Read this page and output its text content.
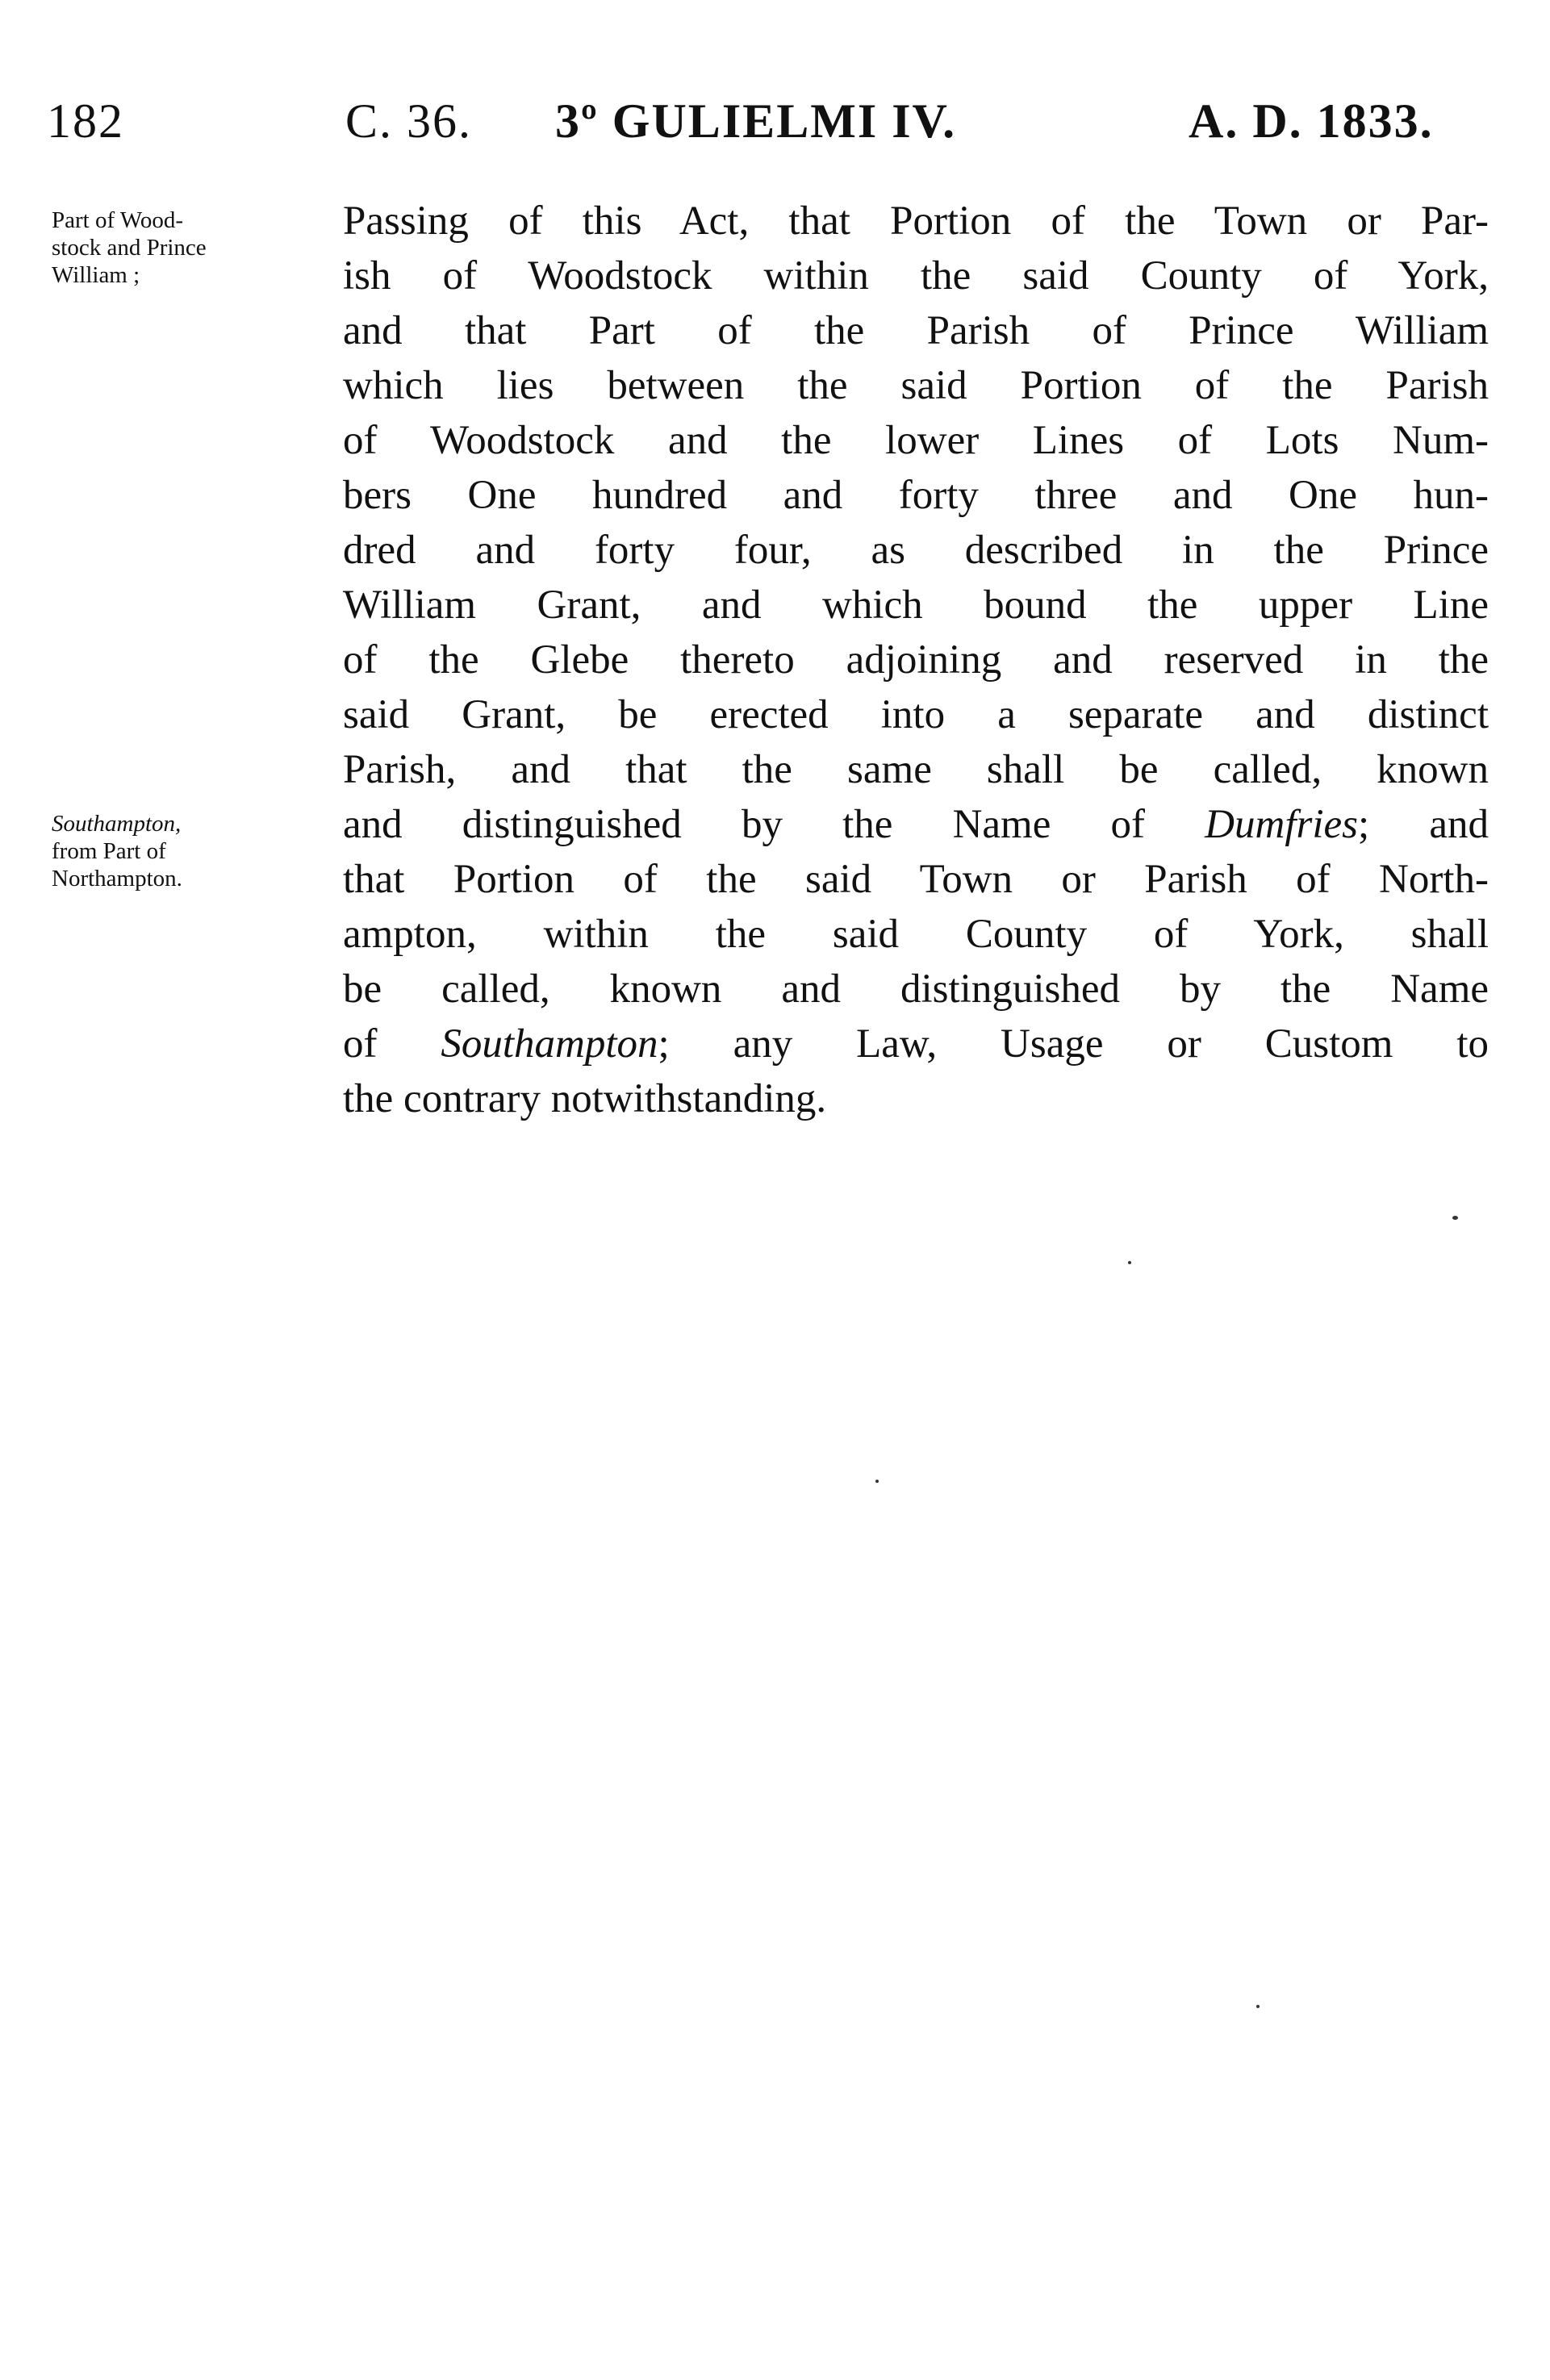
182	C. 36. 3º GULIELMI IV.	A. D. 1833.
Part of Wood-
stock and Prince
William ;
Southampton,
from Part of
Northampton.
Passing of this Act, that Portion of the Town or Par-
ish of Woodstock within the said County of York,
and that Part of the Parish of Prince William
which lies between the said Portion of the Parish
of Woodstock and the lower Lines of Lots Num-
bers One hundred and forty three and One hun-
dred and forty four, as described in the Prince
William Grant, and which bound the upper Line
of the Glebe thereto adjoining and reserved in the
said Grant, be erected into a separate and distinct
Parish, and that the same shall be called, known
and distinguished by the Name of Dumfries; and
that Portion of the said Town or Parish of North-
ampton, within the said County of York, shall
be called, known and distinguished by the Name
of Southampton; any Law, Usage or Custom to
the contrary notwithstanding.
